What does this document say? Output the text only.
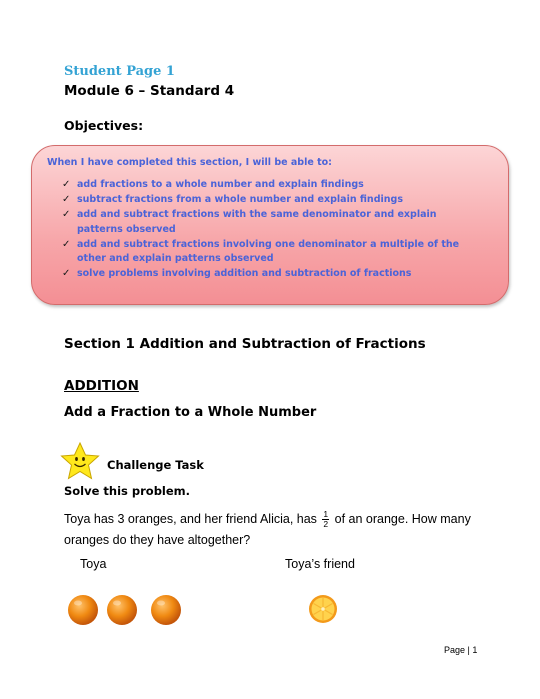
Student Page 1
Module 6 – Standard 4
Objectives:
When I have completed this section, I will be able to:
✓ add fractions to a whole number and explain findings
✓ subtract fractions from a whole number and explain findings
✓ add and subtract fractions with the same denominator and explain patterns observed
✓ add and subtract fractions involving one denominator a multiple of the other and explain patterns observed
✓ solve problems involving addition and subtraction of fractions
Section 1 Addition and Subtraction of Fractions
ADDITION
Add a Fraction to a Whole Number
Challenge Task
Solve this problem.
Toya has 3 oranges, and her friend Alicia, has $\frac{1}{2}$ of an orange. How many oranges do they have altogether?
Toya	Toya’s friend
Page | 1
